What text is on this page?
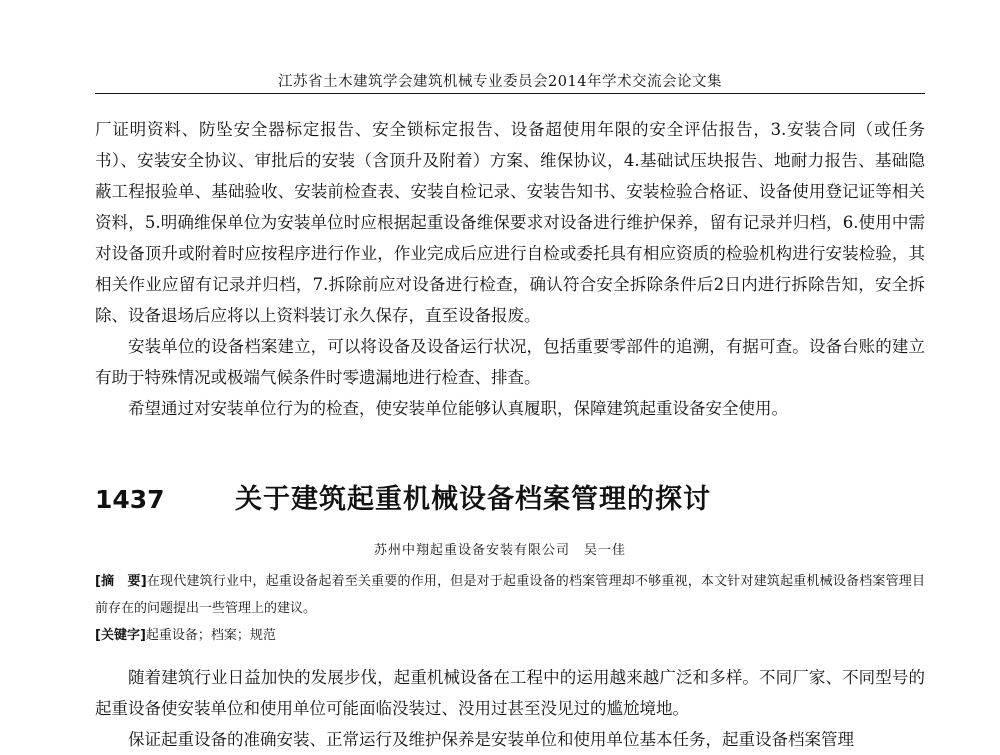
江苏省土木建筑学会建筑机械专业委员会2014年学术交流会论文集

厂证明资料、防坠安全器标定报告、安全锁标定报告、设备超使用年限的安全评估报告，3.安装合同（或任务书）、安装安全协议、审批后的安装（含顶升及附着）方案、维保协议，4.基础试压块报告、地耐力报告、基础隐蔽工程报验单、基础验收、安装前检查表、安装自检记录、安装告知书、安装检验合格证、设备使用登记证等相关资料，5.明确维保单位为安装单位时应根据起重设备维保要求对设备进行维护保养，留有记录并归档，6.使用中需对设备顶升或附着时应按程序进行作业，作业完成后应进行自检或委托具有相应资质的检验机构进行安装检验，其相关作业应留有记录并归档，7.拆除前应对设备进行检查，确认符合安全拆除条件后2日内进行拆除告知，安全拆除、设备退场后应将以上资料装订永久保存，直至设备报废。

安装单位的设备档案建立，可以将设备及设备运行状况，包括重要零部件的追溯，有据可查。设备台账的建立有助于特殊情况或极端气候条件时零遗漏地进行检查、排查。

希望通过对安装单位行为的检查，使安装单位能够认真履职，保障建筑起重设备安全使用。

1437	关于建筑起重机械设备档案管理的探讨
苏州中翔起重设备安装有限公司　吴一佳

[摘　要]在现代建筑行业中，起重设备起着至关重要的作用，但是对于起重设备的档案管理却不够重视，本文针对建筑起重机械设备档案管理目前存在的问题提出一些管理上的建议。

[关键字]起重设备；档案；规范

随着建筑行业日益加快的发展步伐，起重机械设备在工程中的运用越来越广泛和多样。不同厂家、不同型号的起重设备使安装单位和使用单位可能面临没装过、没用过甚至没见过的尴尬境地。

保证起重设备的准确安装、正常运行及维护保养是安装单位和使用单位基本任务，起重设备档案管理
